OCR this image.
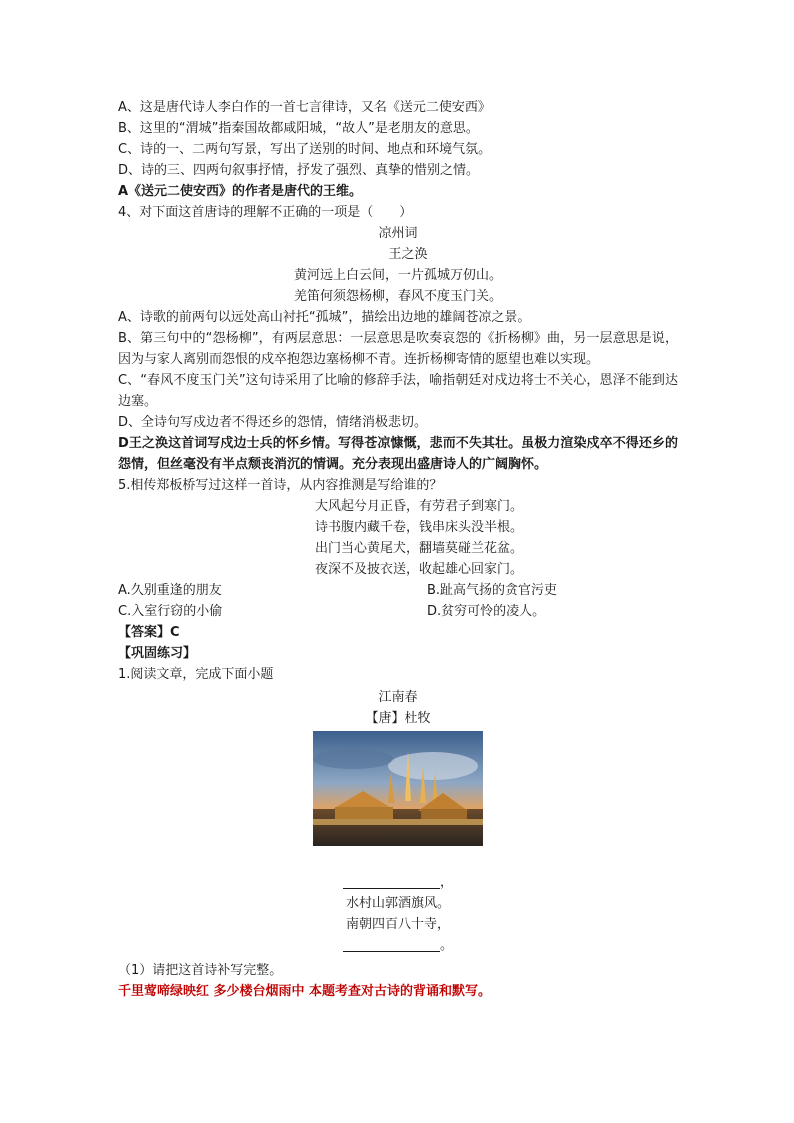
A、这是唐代诗人李白作的一首七言律诗，又名《送元二使安西》
B、这里的“渭城”指秦国故都咸阳城，“故人”是老朋友的意思。
C、诗的一、二两句写景，写出了送别的时间、地点和环境气氛。
D、诗的三、四两句叙事抒情，抒发了强烈、真挚的惜别之情。
A《送元二使安西》的作者是唐代的王维。
4、对下面这首唐诗的理解不正确的一项是（　　）
凉州词
王之涣
黄河远上白云间，一片孤城万仞山。
羌笛何须怨杨柳，春风不度玉门关。
A、诗歌的前两句以远处高山衬托“孤城”，描绘出边地的雄阔苍凉之景。
B、第三句中的“怨杨柳”，有两层意思：一层意思是吹奏哀怨的《折杨柳》曲，另一层意思是说，因为与家人离别而怨恨的戍卒抱怨边塞杨柳不青。连折杨柳寄情的愿望也难以实现。
C、“春风不度玉门关”这句诗采用了比喻的修辞手法，喻指朝廷对戍边将士不关心，恩泽不能到达边塞。
D、全诗句写戍边者不得还乡的怨情，情绪消极悲切。
D王之涣这首词写戍边士兵的怀乡情。写得苍凉慷慨，悲而不失其壮。虽极力渲染戍卒不得还乡的怨情，但丝毫没有半点颓丧消沉的情调。充分表现出盛唐诗人的广阔胸怀。
5.相传郑板桥写过这样一首诗，从内容推测是写给谁的？
大风起兮月正昏，有劳君子到寒门。
诗书腹内藏千卷，钱串床头没半根。
出门当心黄尾犬，翻墙莫碰兰花盆。
夜深不及披衣送，收起雄心回家门。
A.久别重逢的朋友	B.趾高气扬的贪官污吏
C.入室行窃的小偷	D.贫穷可怜的凌人。
【答案】C
【巩固练习】
1.阅读文章，完成下面小题
江南春
【唐】杜牧
，
水村山郭酒旗风。
南朝四百八十寺，
。
（1）请把这首诗补写完整。
千里莺啼绿映红 多少楼台烟雨中 本题考查对古诗的背诵和默写。
